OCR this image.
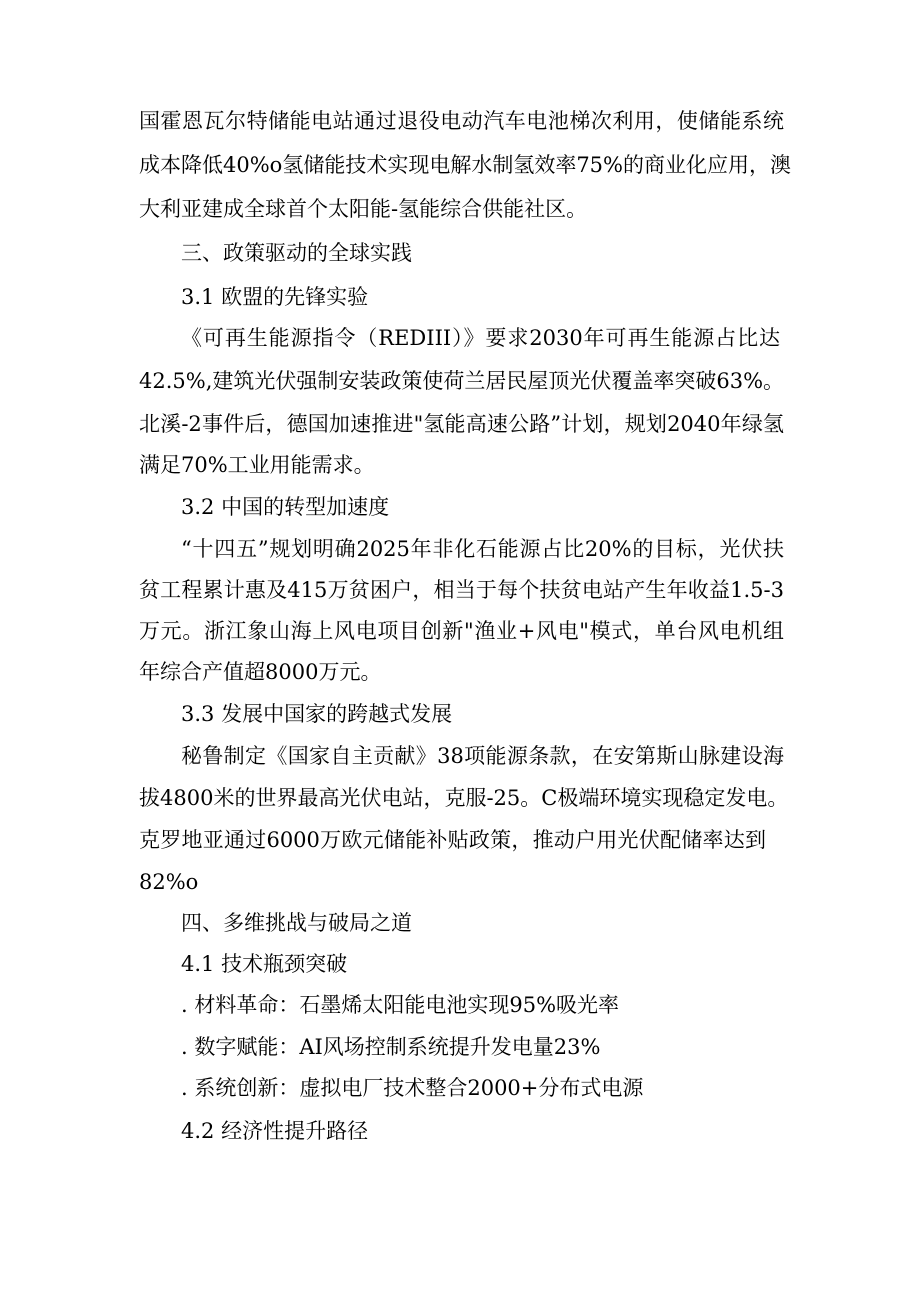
国霍恩瓦尔特储能电站通过退役电动汽车电池梯次利用，使储能系统
成本降低40%o氢储能技术实现电解水制氢效率75%的商业化应用，澳
大利亚建成全球首个太阳能-氢能综合供能社区。
三、政策驱动的全球实践
3.1 欧盟的先锋实验
《可再生能源指令（REDIII）》要求2030年可再生能源占比达
42.5%,建筑光伏强制安装政策使荷兰居民屋顶光伏覆盖率突破63%。
北溪-2事件后，德国加速推进"氢能高速公路”计划，规划2040年绿氢
满足70%工业用能需求。
3.2 中国的转型加速度
“十四五”规划明确2025年非化石能源占比20%的目标，光伏扶
贫工程累计惠及415万贫困户，相当于每个扶贫电站产生年收益1.5-3
万元。浙江象山海上风电项目创新"渔业+风电"模式，单台风电机组
年综合产值超8000万元。
3.3 发展中国家的跨越式发展
秘鲁制定《国家自主贡献》38项能源条款，在安第斯山脉建设海
拔4800米的世界最高光伏电站，克服-25。C极端环境实现稳定发电。
克罗地亚通过6000万欧元储能补贴政策，推动户用光伏配储率达到
82%o
四、多维挑战与破局之道
4.1 技术瓶颈突破
. 材料革命：石墨烯太阳能电池实现95%吸光率
. 数字赋能：AI风场控制系统提升发电量23%
. 系统创新：虚拟电厂技术整合2000+分布式电源
4.2 经济性提升路径
